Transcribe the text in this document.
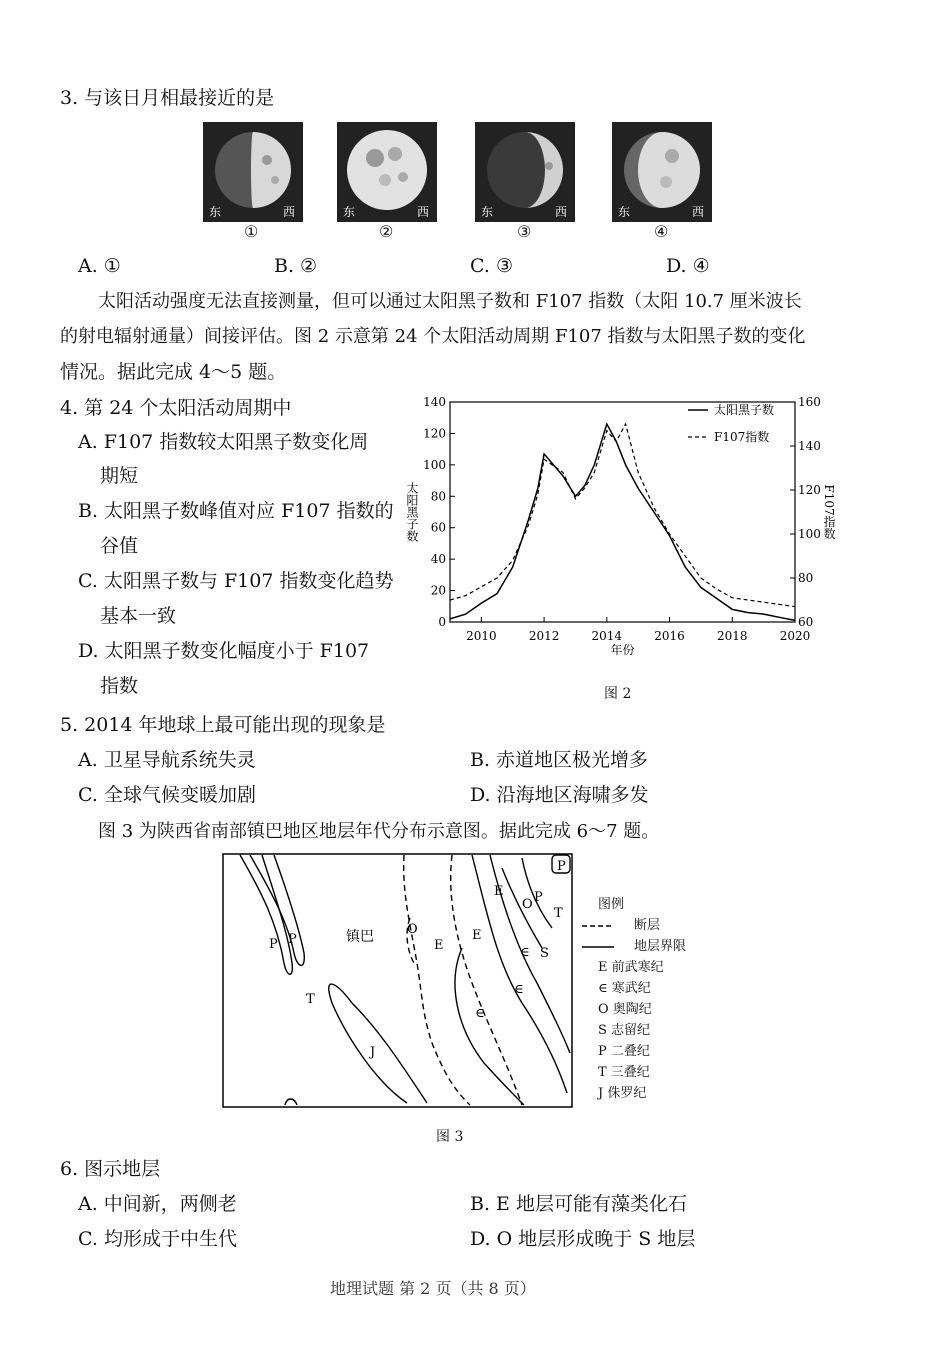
3. 与该日月相最接近的是
东	西	东	西	东	西	东	西
①	②	③	④
A. ①	B. ②	C. ③	D. ④
太阳活动强度无法直接测量，但可以通过太阳黑子数和 F107 指数（太阳 10.7 厘米波长
的射电辐射通量）间接评估。图 2 示意第 24 个太阳活动周期 F107 指数与太阳黑子数的变化
情况。据此完成 4～5 题。
4. 第 24 个太阳活动周期中
A. F107 指数较太阳黑子数变化周
期短
B. 太阳黑子数峰值对应 F107 指数的
谷值
C. 太阳黑子数与 F107 指数变化趋势
基本一致
D. 太阳黑子数变化幅度小于 F107
指数
0
20
40
60
80
100
120
140
60
80
100
120
140
160
2010	2012	2014	2016	2018	2020
年份
太阳黑子数	F107指数
太阳黑子数
F107指数
图 2
5. 2014 年地球上最可能出现的现象是
A. 卫星导航系统失灵	B. 赤道地区极光增多
C. 全球气候变暖加剧	D. 沿海地区海啸多发
图 3 为陕西省南部镇巴地区地层年代分布示意图。据此完成 6～7 题。
P P
T
J
O
E
E
∈ S
∈
∈
E
O P
T
P
镇巴
图例
断层
地层界限
E 前武寒纪
∈ 寒武纪
O 奥陶纪
S 志留纪
P 二叠纪
T 三叠纪
J 侏罗纪
图 3
6. 图示地层
A. 中间新，两侧老	B. E 地层可能有藻类化石
C. 均形成于中生代	D. O 地层形成晚于 S 地层
地理试题 第 2 页（共 8 页）
